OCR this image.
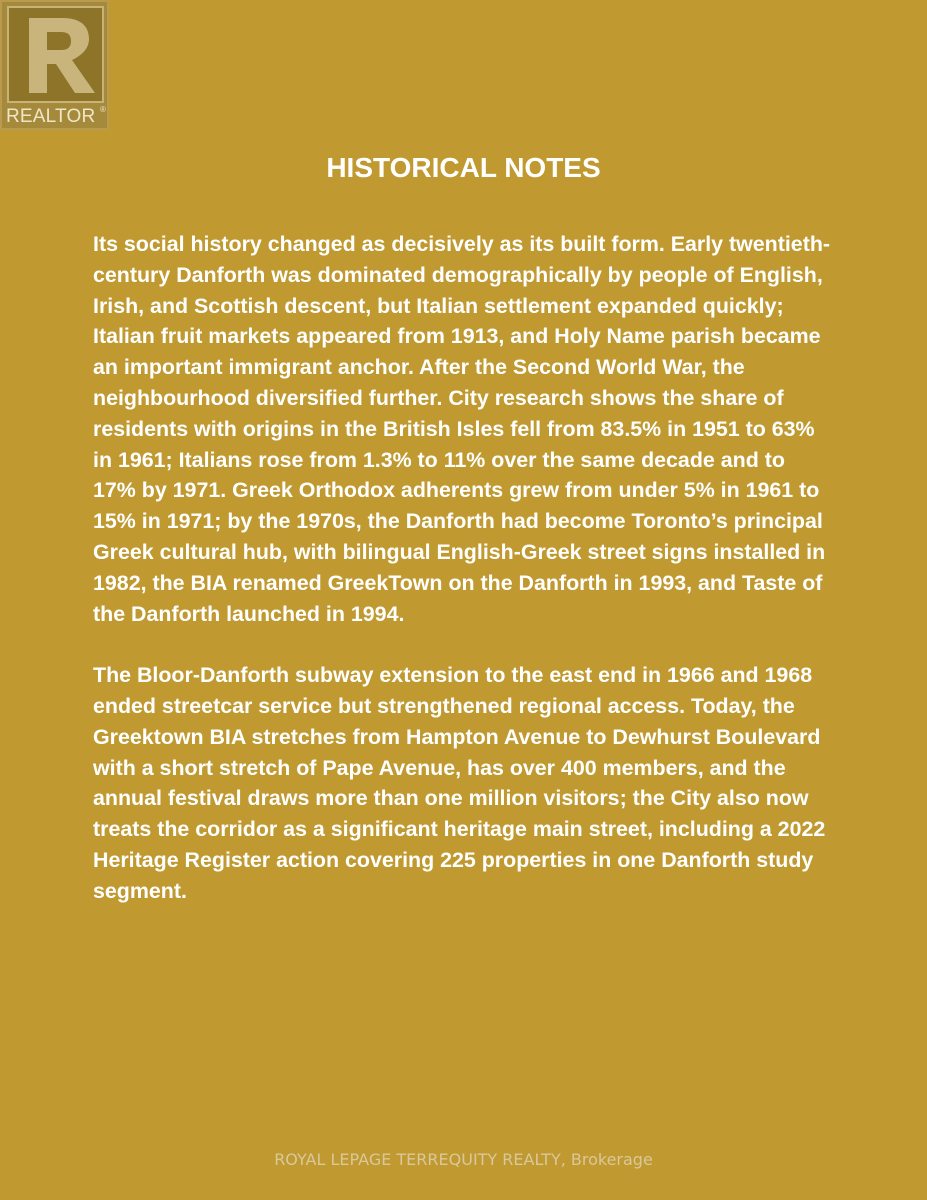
REALTOR ®
HISTORICAL NOTES

Its social history changed as decisively as its built form. Early twentieth-century Danforth was dominated demographically by people of English, Irish, and Scottish descent, but Italian settlement expanded quickly; Italian fruit markets appeared from 1913, and Holy Name parish became an important immigrant anchor. After the Second World War, the neighbourhood diversified further. City research shows the share of residents with origins in the British Isles fell from 83.5% in 1951 to 63% in 1961; Italians rose from 1.3% to 11% over the same decade and to 17% by 1971. Greek Orthodox adherents grew from under 5% in 1961 to 15% in 1971; by the 1970s, the Danforth had become Toronto’s principal Greek cultural hub, with bilingual English-Greek street signs installed in 1982, the BIA renamed GreekTown on the Danforth in 1993, and Taste of the Danforth launched in 1994.

The Bloor-Danforth subway extension to the east end in 1966 and 1968 ended streetcar service but strengthened regional access. Today, the Greektown BIA stretches from Hampton Avenue to Dewhurst Boulevard with a short stretch of Pape Avenue, has over 400 members, and the annual festival draws more than one million visitors; the City also now treats the corridor as a significant heritage main street, including a 2022 Heritage Register action covering 225 properties in one Danforth study segment.

ROYAL LEPAGE TERREQUITY REALTY, Brokerage
